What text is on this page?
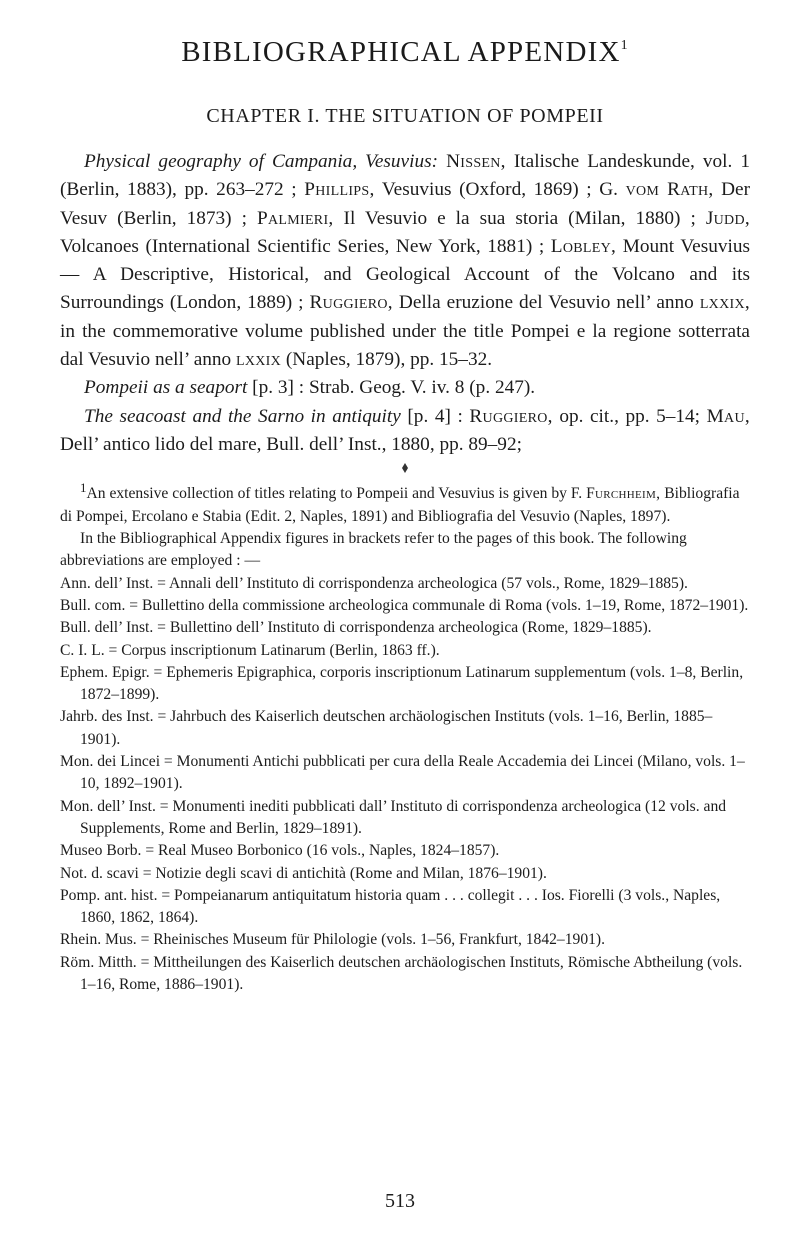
BIBLIOGRAPHICAL APPENDIX$^1$
CHAPTER I. THE SITUATION OF POMPEII

Physical geography of Campania, Vesuvius: Nissen, Italische Landeskunde, vol. 1 (Berlin, 1883), pp. 263–272 ; Phillips, Vesuvius (Oxford, 1869) ; G. vom Rath, Der Vesuv (Berlin, 1873) ; Palmieri, Il Vesuvio e la sua storia (Milan, 1880) ; Judd, Volcanoes (International Scientific Series, New York, 1881) ; Lobley, Mount Vesuvius — A Descriptive, Historical, and Geological Account of the Volcano and its Surroundings (London, 1889) ; Ruggiero, Della eruzione del Vesuvio nell’ anno lxxix, in the commemorative volume published under the title Pompei e la regione sotterrata dal Vesuvio nell’ anno lxxix (Naples, 1879), pp. 15–32.

Pompeii as a seaport [p. 3] : Strab. Geog. V. iv. 8 (p. 247).

The seacoast and the Sarno in antiquity [p. 4] : Ruggiero, op. cit., pp. 5–14; Mau, Dell’ antico lido del mare, Bull. dell’ Inst., 1880, pp. 89–92;

$^1$An extensive collection of titles relating to Pompeii and Vesuvius is given by F. Furchheim, Bibliografia di Pompei, Ercolano e Stabia (Edit. 2, Naples, 1891) and Bibliografia del Vesuvio (Naples, 1897).

In the Bibliographical Appendix figures in brackets refer to the pages of this book. The following abbreviations are employed : —

Ann. dell’ Inst. = Annali dell’ Instituto di corrispondenza archeologica (57 vols., Rome, 1829–1885).

Bull. com. = Bullettino della commissione archeologica communale di Roma (vols. 1–19, Rome, 1872–1901).

Bull. dell’ Inst. = Bullettino dell’ Instituto di corrispondenza archeologica (Rome, 1829–1885).

C. I. L. = Corpus inscriptionum Latinarum (Berlin, 1863 ff.).

Ephem. Epigr. = Ephemeris Epigraphica, corporis inscriptionum Latinarum supplementum (vols. 1–8, Berlin, 1872–1899).

Jahrb. des Inst. = Jahrbuch des Kaiserlich deutschen archäologischen Instituts (vols. 1–16, Berlin, 1885–1901).

Mon. dei Lincei = Monumenti Antichi pubblicati per cura della Reale Accademia dei Lincei (Milano, vols. 1–10, 1892–1901).

Mon. dell’ Inst. = Monumenti inediti pubblicati dall’ Instituto di corrispondenza archeologica (12 vols. and Supplements, Rome and Berlin, 1829–1891).

Museo Borb. = Real Museo Borbonico (16 vols., Naples, 1824–1857).

Not. d. scavi = Notizie degli scavi di antichità (Rome and Milan, 1876–1901).

Pomp. ant. hist. = Pompeianarum antiquitatum historia quam . . . collegit . . . Ios. Fiorelli (3 vols., Naples, 1860, 1862, 1864).

Rhein. Mus. = Rheinisches Museum für Philologie (vols. 1–56, Frankfurt, 1842–1901).

Röm. Mitth. = Mittheilungen des Kaiserlich deutschen archäologischen Instituts, Römische Abtheilung (vols. 1–16, Rome, 1886–1901).

513
